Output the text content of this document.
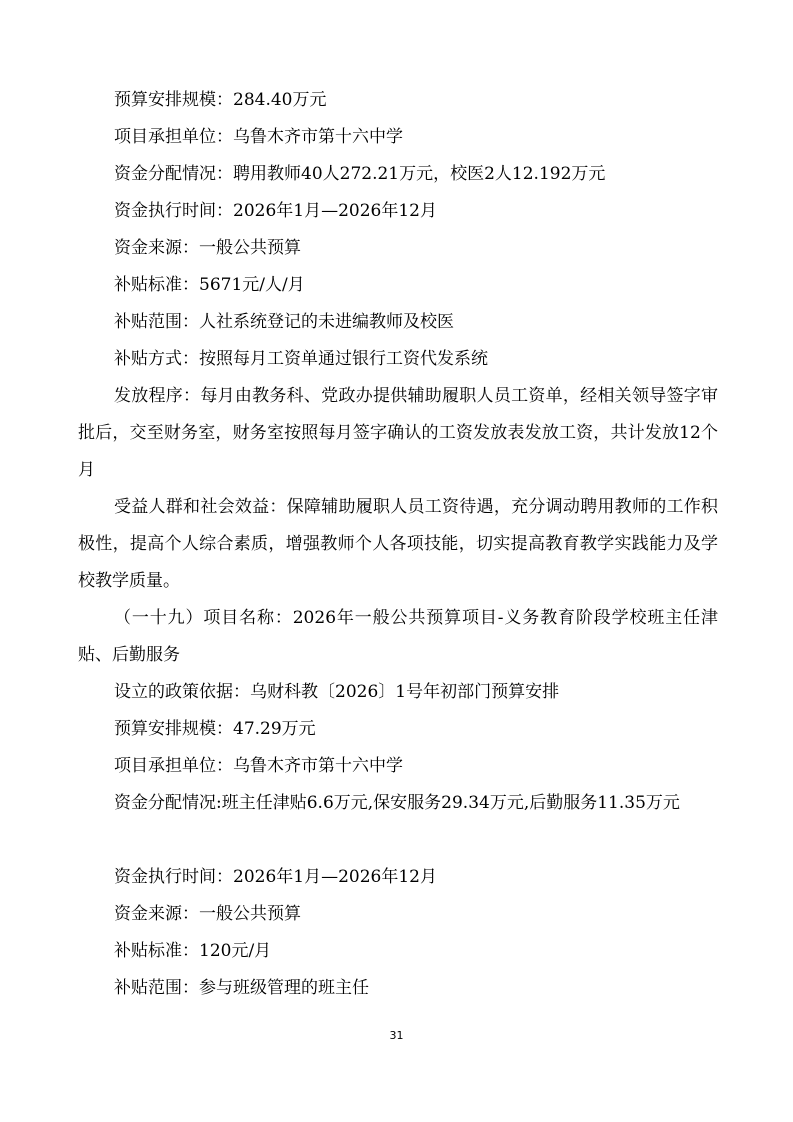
预算安排规模：284.40万元

项目承担单位：乌鲁木齐市第十六中学

资金分配情况：聘用教师40人272.21万元，校医2人12.192万元

资金执行时间：2026年1月—2026年12月

资金来源：一般公共预算

补贴标准：5671元/人/月

补贴范围：人社系统登记的未进编教师及校医

补贴方式：按照每月工资单通过银行工资代发系统

发放程序：每月由教务科、党政办提供辅助履职人员工资单，经相关领导签字审批后，交至财务室，财务室按照每月签字确认的工资发放表发放工资，共计发放12个月

受益人群和社会效益：保障辅助履职人员工资待遇，充分调动聘用教师的工作积极性，提高个人综合素质，增强教师个人各项技能，切实提高教育教学实践能力及学校教学质量。

（一十九）项目名称：2026年一般公共预算项目-义务教育阶段学校班主任津贴、后勤服务

设立的政策依据：乌财科教〔2026〕1号年初部门预算安排

预算安排规模：47.29万元

项目承担单位：乌鲁木齐市第十六中学

资金分配情况:班主任津贴6.6万元,保安服务29.34万元,后勤服务11.35万元

资金执行时间：2026年1月—2026年12月

资金来源：一般公共预算

补贴标准：120元/月

补贴范围：参与班级管理的班主任

31
